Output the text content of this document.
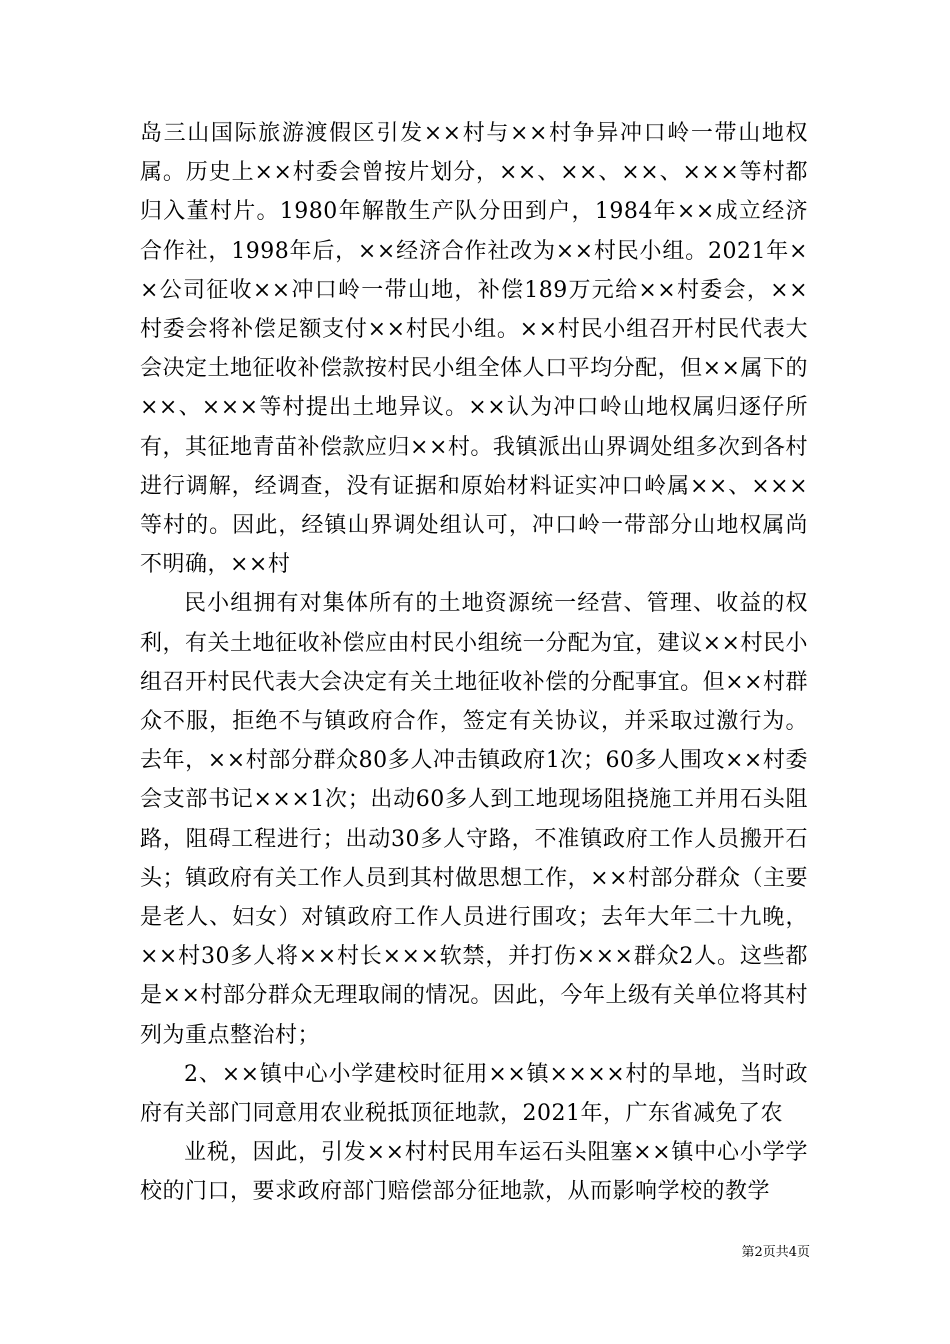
岛三山国际旅游渡假区引发××村与××村争异冲口岭一带山地权属。历史上××村委会曾按片划分，××、××、××、×××等村都归入董村片。1980年解散生产队分田到户，1984年××成立经济合作社，1998年后，××经济合作社改为××村民小组。2021年××公司征收××冲口岭一带山地，补偿189万元给××村委会，××村委会将补偿足额支付××村民小组。××村民小组召开村民代表大会决定土地征收补偿款按村民小组全体人口平均分配，但××属下的××、×××等村提出土地异议。××认为冲口岭山地权属归逐仔所有，其征地青苗补偿款应归××村。我镇派出山界调处组多次到各村进行调解，经调查，没有证据和原始材料证实冲口岭属××、×××等村的。因此，经镇山界调处组认可，冲口岭一带部分山地权属尚不明确，××村

民小组拥有对集体所有的土地资源统一经营、管理、收益的权利，有关土地征收补偿应由村民小组统一分配为宜，建议××村民小组召开村民代表大会决定有关土地征收补偿的分配事宜。但××村群众不服，拒绝不与镇政府合作，签定有关协议，并采取过激行为。去年，××村部分群众80多人冲击镇政府1次；60多人围攻××村委会支部书记×××1次；出动60多人到工地现场阻挠施工并用石头阻路，阻碍工程进行；出动30多人守路，不准镇政府工作人员搬开石头；镇政府有关工作人员到其村做思想工作，××村部分群众（主要是老人、妇女）对镇政府工作人员进行围攻；去年大年二十九晚，××村30多人将××村长×××软禁，并打伤×××群众2人。这些都是××村部分群众无理取闹的情况。因此，今年上级有关单位将其村列为重点整治村；

2、××镇中心小学建校时征用××镇××××村的旱地，当时政府有关部门同意用农业税抵顶征地款，2021年，广东省减免了农

业税，因此，引发××村村民用车运石头阻塞××镇中心小学学校的门口，要求政府部门赔偿部分征地款，从而影响学校的教学

第2页共4页
